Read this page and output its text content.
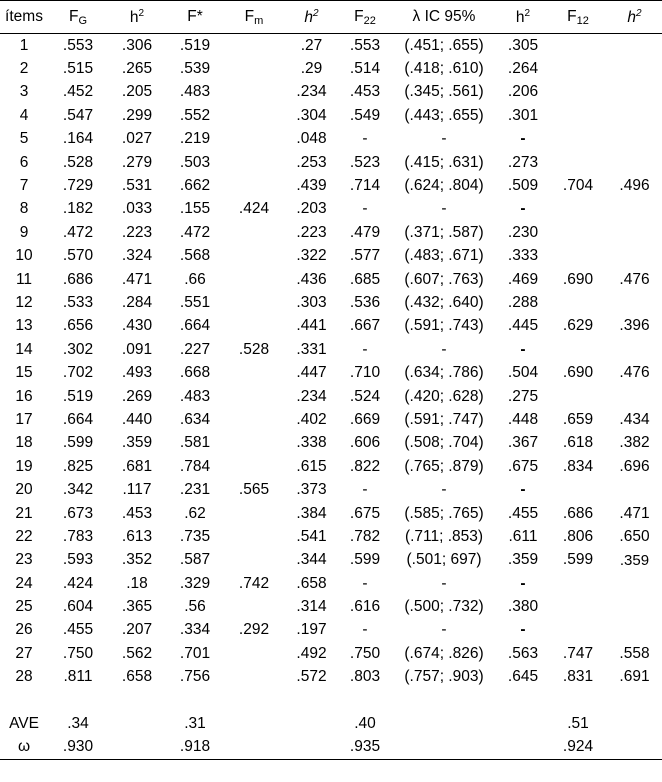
ítems	FG	$h^2$	F*	Fm	$h^2$	F22	λ IC 95%	$h^2$	F12	$h^2$
1	.553	.306	.519		.27	.553	(.451; .655)	.305		
2	.515	.265	.539		.29	.514	(.418; .610)	.264		
3	.452	.205	.483		.234	.453	(.345; .561)	.206		
4	.547	.299	.552		.304	.549	(.443; .655)	.301		
5	.164	.027	.219		.048	-	-	-		
6	.528	.279	.503		.253	.523	(.415; .631)	.273		
7	.729	.531	.662		.439	.714	(.624; .804)	.509	.704	.496
8	.182	.033	.155	.424	.203	-	-	-		
9	.472	.223	.472		.223	.479	(.371; .587)	.230		
10	.570	.324	.568		.322	.577	(.483; .671)	.333		
11	.686	.471	.66		.436	.685	(.607; .763)	.469	.690	.476
12	.533	.284	.551		.303	.536	(.432; .640)	.288		
13	.656	.430	.664		.441	.667	(.591; .743)	.445	.629	.396
14	.302	.091	.227	.528	.331	-	-	-		
15	.702	.493	.668		.447	.710	(.634; .786)	.504	.690	.476
16	.519	.269	.483		.234	.524	(.420; .628)	.275		
17	.664	.440	.634		.402	.669	(.591; .747)	.448	.659	.434
18	.599	.359	.581		.338	.606	(.508; .704)	.367	.618	.382
19	.825	.681	.784		.615	.822	(.765; .879)	.675	.834	.696
20	.342	.117	.231	.565	.373	-	-	-		
21	.673	.453	.62		.384	.675	(.585; .765)	.455	.686	.471
22	.783	.613	.735		.541	.782	(.711; .853)	.611	.806	.650
23	.593	.352	.587		.344	.599	(.501; 697)	.359	.599	.359
24	.424	.18	.329	.742	.658	-	-	-		
25	.604	.365	.56		.314	.616	(.500; .732)	.380		
26	.455	.207	.334	.292	.197	-	-	-		
27	.750	.562	.701		.492	.750	(.674; .826)	.563	.747	.558
28	.811	.658	.756		.572	.803	(.757; .903)	.645	.831	.691

AVE	.34		.31			.40			.51	
ω	.930		.918			.935			.924	
